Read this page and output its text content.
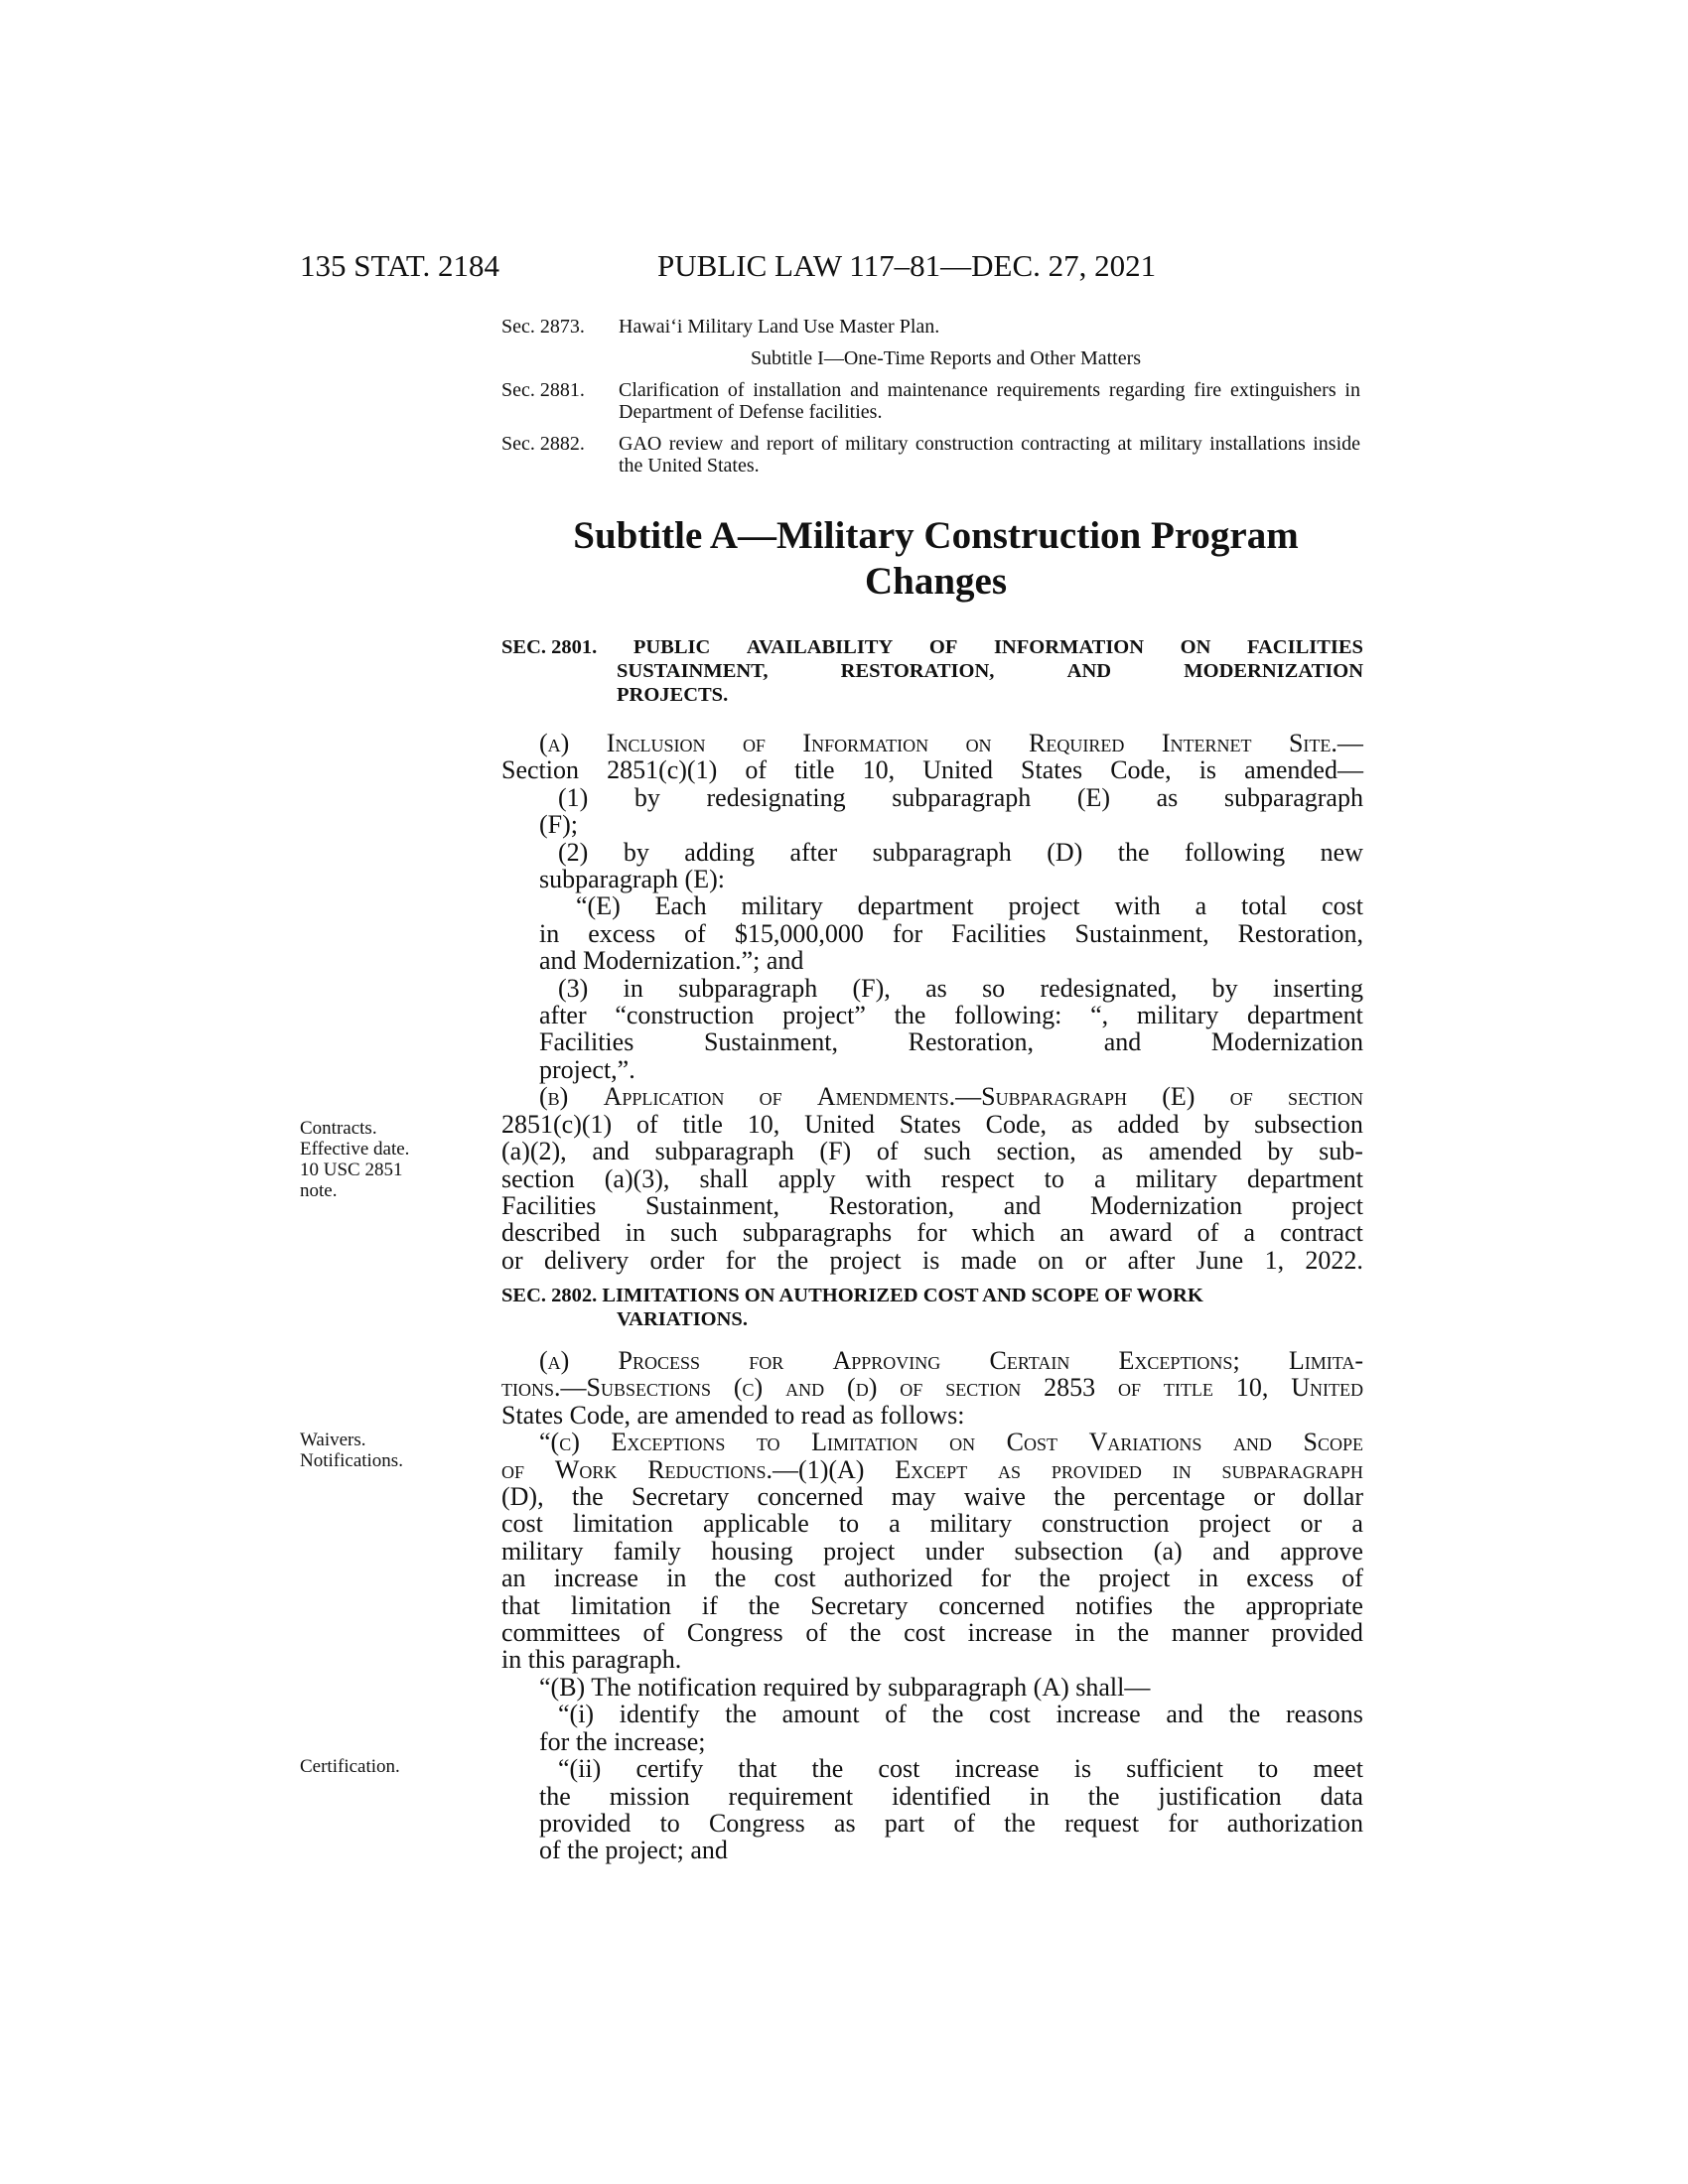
135 STAT. 2184	PUBLIC LAW 117–81—DEC. 27, 2021
Sec. 2873. Hawai‘i Military Land Use Master Plan.
Subtitle I—One-Time Reports and Other Matters
Sec. 2881. Clarification of installation and maintenance requirements regarding fire extinguishers in Department of Defense facilities.
Sec. 2882. GAO review and report of military construction contracting at military installations inside the United States.
Subtitle A—Military Construction Program
Changes
SEC. 2801. PUBLIC AVAILABILITY OF INFORMATION ON FACILITIES
SUSTAINMENT,	RESTORATION,	AND	MODERNIZATION
PROJECTS.
(a) Inclusion of Information on Required Internet Site.—
Section 2851(c)(1) of title 10, United States Code, is amended—
(1) by redesignating subparagraph (E) as subparagraph
(F);
(2) by adding after subparagraph (D) the following new
subparagraph (E):
“(E) Each military department project with a total cost
in excess of $15,000,000 for Facilities Sustainment, Restoration,
and Modernization.”; and
(3) in subparagraph (F), as so redesignated, by inserting
after “construction project” the following: “, military department
Facilities	Sustainment,	Restoration,	and	Modernization
project,”.
(b) Application of Amendments.—Subparagraph (E) of section
2851(c)(1) of title 10, United States Code, as added by subsection
(a)(2), and subparagraph (F) of such section, as amended by sub-
section (a)(3), shall apply with respect to a military department
Facilities Sustainment, Restoration, and Modernization project
described in such subparagraphs for which an award of a contract
or delivery order for the project is made on or after June 1, 2022.
SEC. 2802. LIMITATIONS ON AUTHORIZED COST AND SCOPE OF WORK
VARIATIONS.
(a) Process for Approving Certain Exceptions; Limita-
tions.—Subsections (c) and (d) of section 2853 of title 10, United
States Code, are amended to read as follows:
“(c) Exceptions to Limitation on Cost Variations and Scope
of Work Reductions.—(1)(A) Except as provided in subparagraph
(D), the Secretary concerned may waive the percentage or dollar
cost limitation applicable to a military construction project or a
military family housing project under subsection (a) and approve
an increase in the cost authorized for the project in excess of
that limitation if the Secretary concerned notifies the appropriate
committees of Congress of the cost increase in the manner provided
in this paragraph.
“(B) The notification required by subparagraph (A) shall—
“(i) identify the amount of the cost increase and the reasons
for the increase;
“(ii) certify that the cost increase is sufficient to meet
the mission requirement identified in the justification data
provided to Congress as part of the request for authorization
of the project; and
Contracts.
Effective date.
10 USC 2851
note.
Waivers.
Notifications.
Certification.
